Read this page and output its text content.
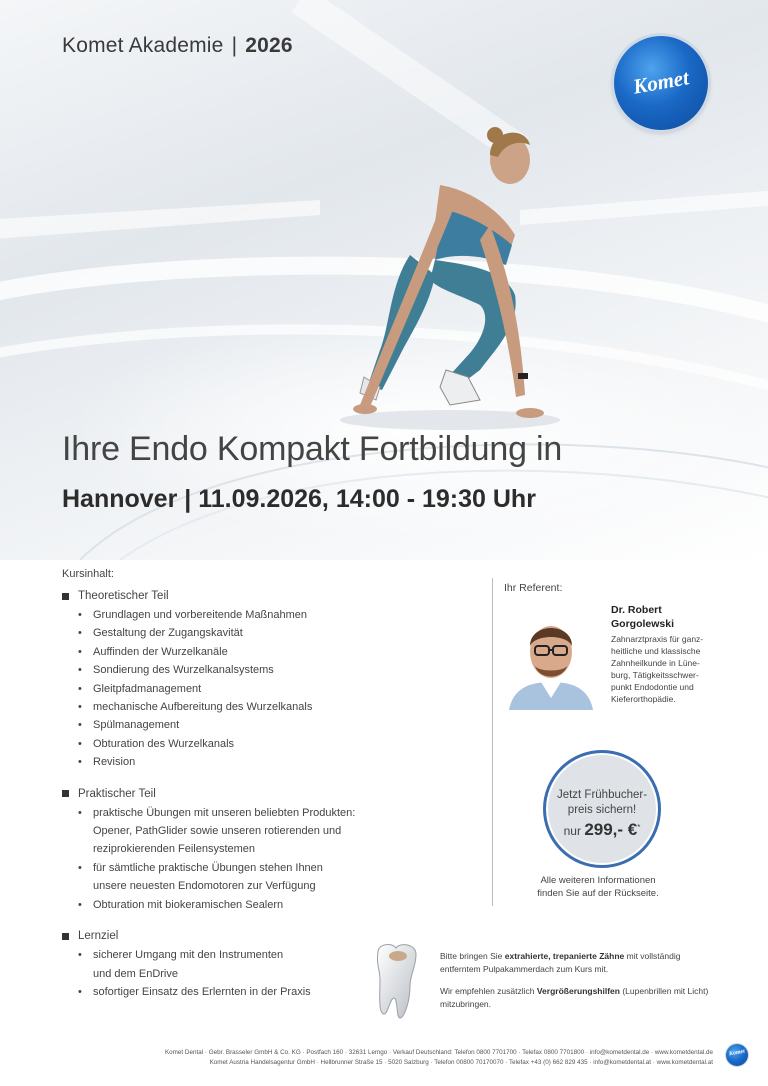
Komet Akademie | 2026
Komet
Ihre Endo Kompakt Fortbildung in
Hannover | 11.09.2026, 14:00 - 19:30 Uhr
Kursinhalt:
Theoretischer Teil
• Grundlagen und vorbereitende Maßnahmen
• Gestaltung der Zugangskavität
• Auffinden der Wurzelkanäle
• Sondierung des Wurzelkanalsystems
• Gleitpfadmanagement
• mechanische Aufbereitung des Wurzelkanals
• Spülmanagement
• Obturation des Wurzelkanals
• Revision
Praktischer Teil
• praktische Übungen mit unseren beliebten Produkten:
Opener, PathGlider sowie unseren rotierenden und
reziprokierenden Feilensystemen
• für sämtliche praktische Übungen stehen Ihnen
unsere neuesten Endomotoren zur Verfügung
• Obturation mit biokeramischen Sealern
Lernziel
• sicherer Umgang mit den Instrumenten
und dem EnDrive
• sofortiger Einsatz des Erlernten in der Praxis
Ihr Referent:
Dr. Robert
Gorgolewski
Zahnarztpraxis für ganz-
heitliche und klassische
Zahnheilkunde in Lüne-
burg, Tätigkeitsschwer-
punkt Endodontie und
Kieferorthopädie.
Jetzt Frühbucher-
preis sichern!
nur 299,- €*
Alle weiteren Informationen
finden Sie auf der Rückseite.

Bitte bringen Sie extrahierte, trepanierte Zähne mit vollständig entferntem Pulpakammerdach zum Kurs mit.

Wir empfehlen zusätzlich Vergrößerungshilfen (Lupenbrillen mit Licht) mitzubringen.

Komet Dental · Gebr. Brasseler GmbH & Co. KG · Postfach 160 · 32631 Lemgo · Verkauf Deutschland: Telefon 0800 7701700 · Telefax 0800 7701800 · info@kometdental.de · www.kometdental.de
Komet Austria Handelsagentur GmbH · Hellbrunner Straße 15 · 5020 Salzburg · Telefon 00800 70170070 · Telefax +43 (0) 662 829 435 · info@kometdental.at · www.kometdental.at
Komet
